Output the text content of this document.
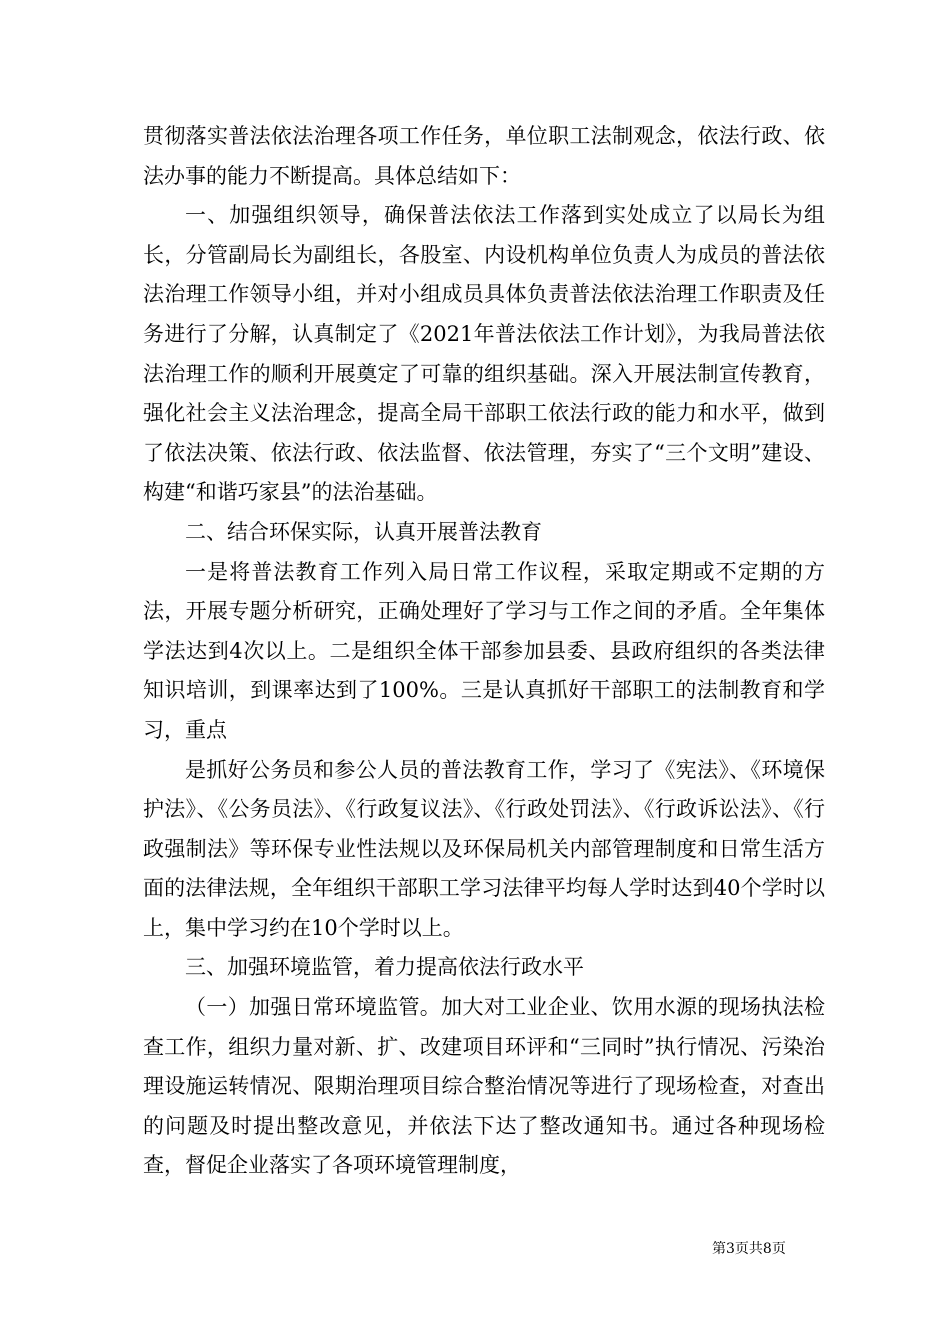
贯彻落实普法依法治理各项工作任务，单位职工法制观念，依法行政、依法办事的能力不断提高。具体总结如下：

一、加强组织领导，确保普法依法工作落到实处成立了以局长为组长，分管副局长为副组长，各股室、内设机构单位负责人为成员的普法依法治理工作领导小组，并对小组成员具体负责普法依法治理工作职责及任务进行了分解，认真制定了《2021年普法依法工作计划》，为我局普法依法治理工作的顺利开展奠定了可靠的组织基础。深入开展法制宣传教育，强化社会主义法治理念，提高全局干部职工依法行政的能力和水平，做到了依法决策、依法行政、依法监督、依法管理，夯实了“三个文明”建设、构建“和谐巧家县”的法治基础。

二、结合环保实际，认真开展普法教育

一是将普法教育工作列入局日常工作议程，采取定期或不定期的方法，开展专题分析研究，正确处理好了学习与工作之间的矛盾。全年集体学法达到4次以上。二是组织全体干部参加县委、县政府组织的各类法律知识培训，到课率达到了100%。三是认真抓好干部职工的法制教育和学习，重点

是抓好公务员和参公人员的普法教育工作，学习了《宪法》、《环境保护法》、《公务员法》、《行政复议法》、《行政处罚法》、《行政诉讼法》、《行政强制法》等环保专业性法规以及环保局机关内部管理制度和日常生活方面的法律法规，全年组织干部职工学习法律平均每人学时达到40个学时以上，集中学习约在10个学时以上。

三、加强环境监管，着力提高依法行政水平

（一）加强日常环境监管。加大对工业企业、饮用水源的现场执法检查工作，组织力量对新、扩、改建项目环评和“三同时”执行情况、污染治理设施运转情况、限期治理项目综合整治情况等进行了现场检查，对查出的问题及时提出整改意见，并依法下达了整改通知书。通过各种现场检查，督促企业落实了各项环境管理制度，

第3页共8页
